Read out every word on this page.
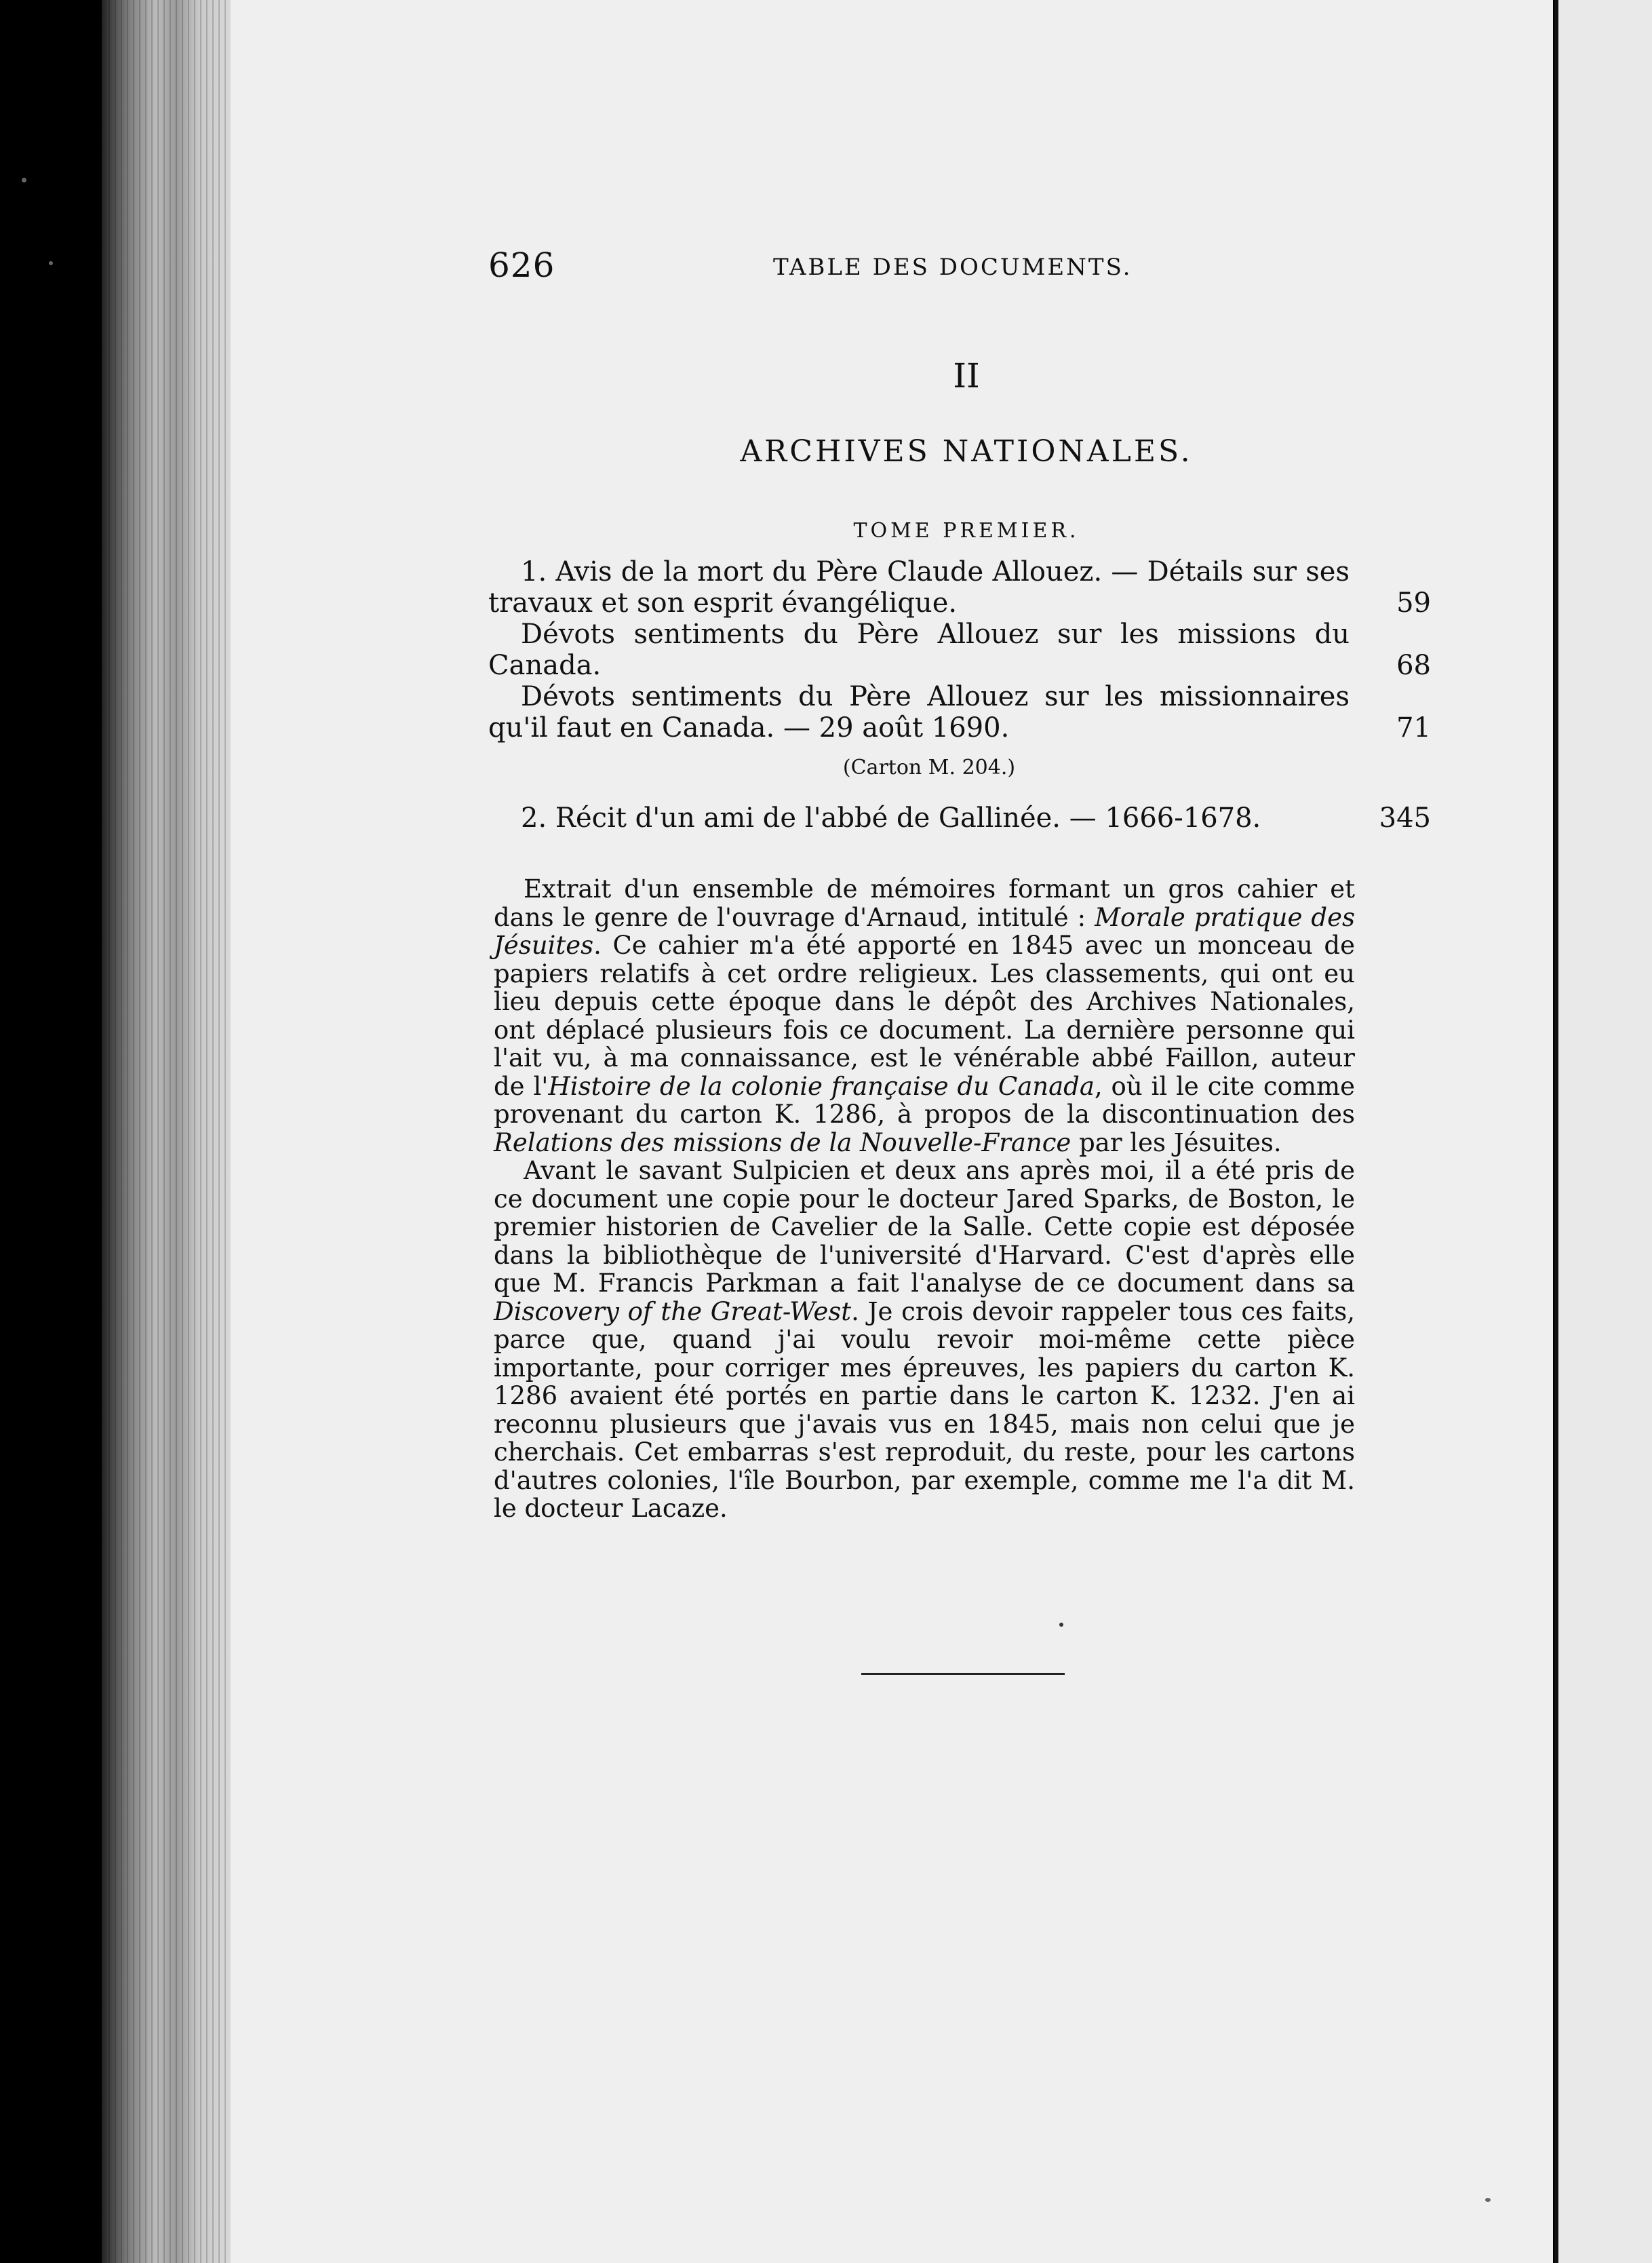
626	TABLE DES DOCUMENTS.
II
ARCHIVES NATIONALES.
TOME PREMIER.
1. Avis de la mort du Père Claude Allouez. — Détails sur ses travaux et son esprit évangélique.	59
Dévots sentiments du Père Allouez sur les missions du Canada.	68
Dévots sentiments du Père Allouez sur les missionnaires qu'il faut en Canada. — 29 août 1690.	71
(Carton M. 204.)
2. Récit d'un ami de l'abbé de Gallinée. — 1666-1678.	345

Extrait d'un ensemble de mémoires formant un gros cahier et dans le genre de l'ouvrage d'Arnaud, intitulé : Morale pratique des Jésuites. Ce cahier m'a été apporté en 1845 avec un monceau de papiers relatifs à cet ordre religieux. Les classements, qui ont eu lieu depuis cette époque dans le dépôt des Archives Nationales, ont déplacé plusieurs fois ce document. La dernière personne qui l'ait vu, à ma connaissance, est le vénérable abbé Faillon, auteur de l'Histoire de la colonie française du Canada, où il le cite comme provenant du carton K. 1286, à propos de la discontinuation des Relations des missions de la Nouvelle-France par les Jésuites.

Avant le savant Sulpicien et deux ans après moi, il a été pris de ce document une copie pour le docteur Jared Sparks, de Boston, le premier historien de Cavelier de la Salle. Cette copie est déposée dans la bibliothèque de l'université d'Harvard. C'est d'après elle que M. Francis Parkman a fait l'analyse de ce document dans sa Discovery of the Great-West. Je crois devoir rappeler tous ces faits, parce que, quand j'ai voulu revoir moi-même cette pièce importante, pour corriger mes épreuves, les papiers du carton K. 1286 avaient été portés en partie dans le carton K. 1232. J'en ai reconnu plusieurs que j'avais vus en 1845, mais non celui que je cherchais. Cet embarras s'est reproduit, du reste, pour les cartons d'autres colonies, l'île Bourbon, par exemple, comme me l'a dit M. le docteur Lacaze.
